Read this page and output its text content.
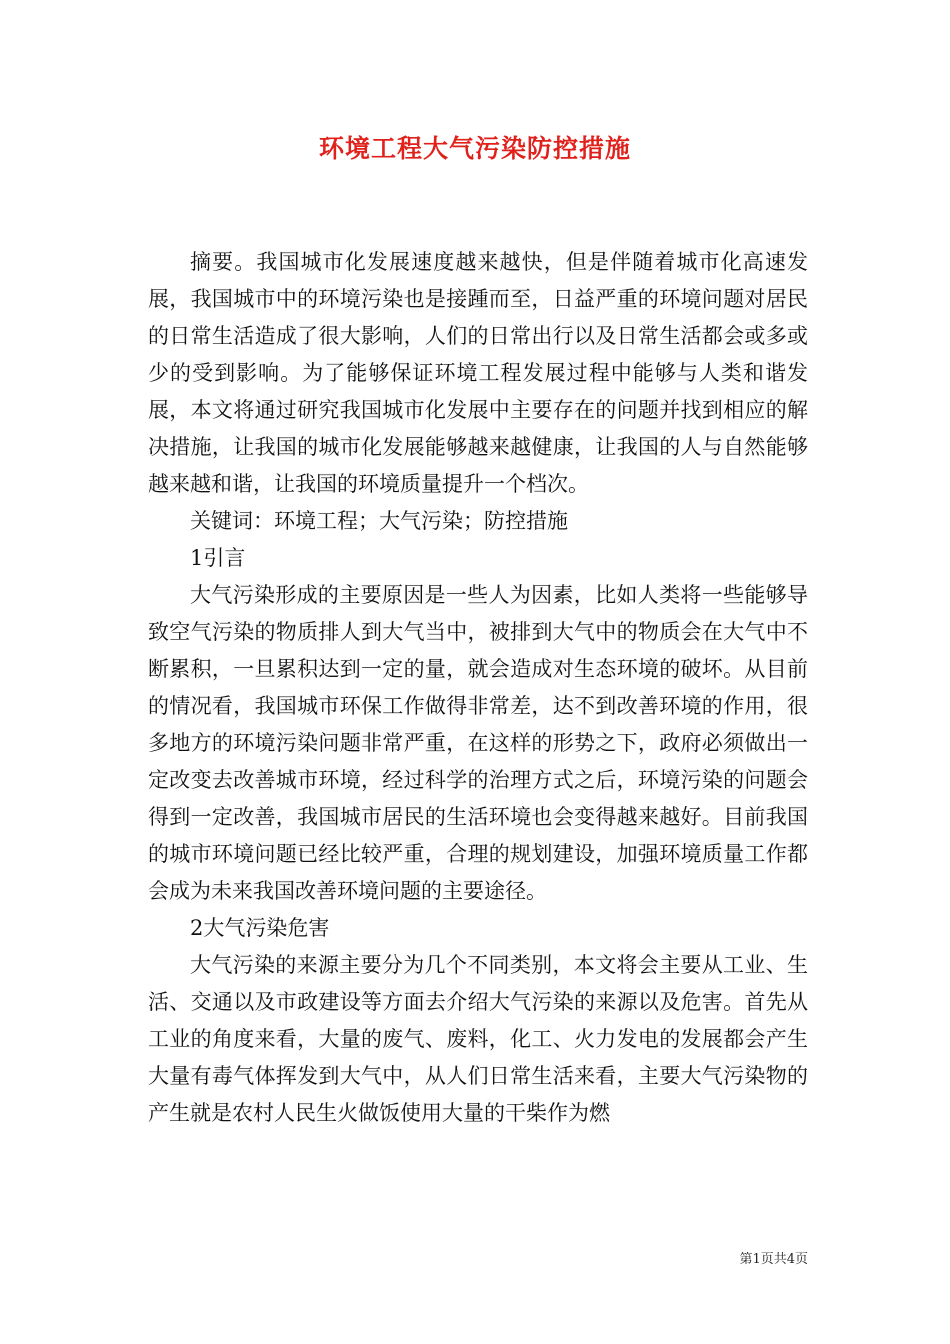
环境工程大气污染防控措施

摘要。我国城市化发展速度越来越快，但是伴随着城市化高速发展，我国城市中的环境污染也是接踵而至，日益严重的环境问题对居民的日常生活造成了很大影响，人们的日常出行以及日常生活都会或多或少的受到影响。为了能够保证环境工程发展过程中能够与人类和谐发展，本文将通过研究我国城市化发展中主要存在的问题并找到相应的解决措施，让我国的城市化发展能够越来越健康，让我国的人与自然能够越来越和谐，让我国的环境质量提升一个档次。

关键词：环境工程；大气污染；防控措施

1引言

大气污染形成的主要原因是一些人为因素，比如人类将一些能够导致空气污染的物质排人到大气当中，被排到大气中的物质会在大气中不断累积，一旦累积达到一定的量，就会造成对生态环境的破坏。从目前的情况看，我国城市环保工作做得非常差，达不到改善环境的作用，很多地方的环境污染问题非常严重，在这样的形势之下，政府必须做出一定改变去改善城市环境，经过科学的治理方式之后，环境污染的问题会得到一定改善，我国城市居民的生活环境也会变得越来越好。目前我国的城市环境问题已经比较严重，合理的规划建设，加强环境质量工作都会成为未来我国改善环境问题的主要途径。

2大气污染危害

大气污染的来源主要分为几个不同类别，本文将会主要从工业、生活、交通以及市政建设等方面去介绍大气污染的来源以及危害。首先从工业的角度来看，大量的废气、废料，化工、火力发电的发展都会产生大量有毒气体挥发到大气中，从人们日常生活来看，主要大气污染物的产生就是农村人民生火做饭使用大量的干柴作为燃

第1页共4页
